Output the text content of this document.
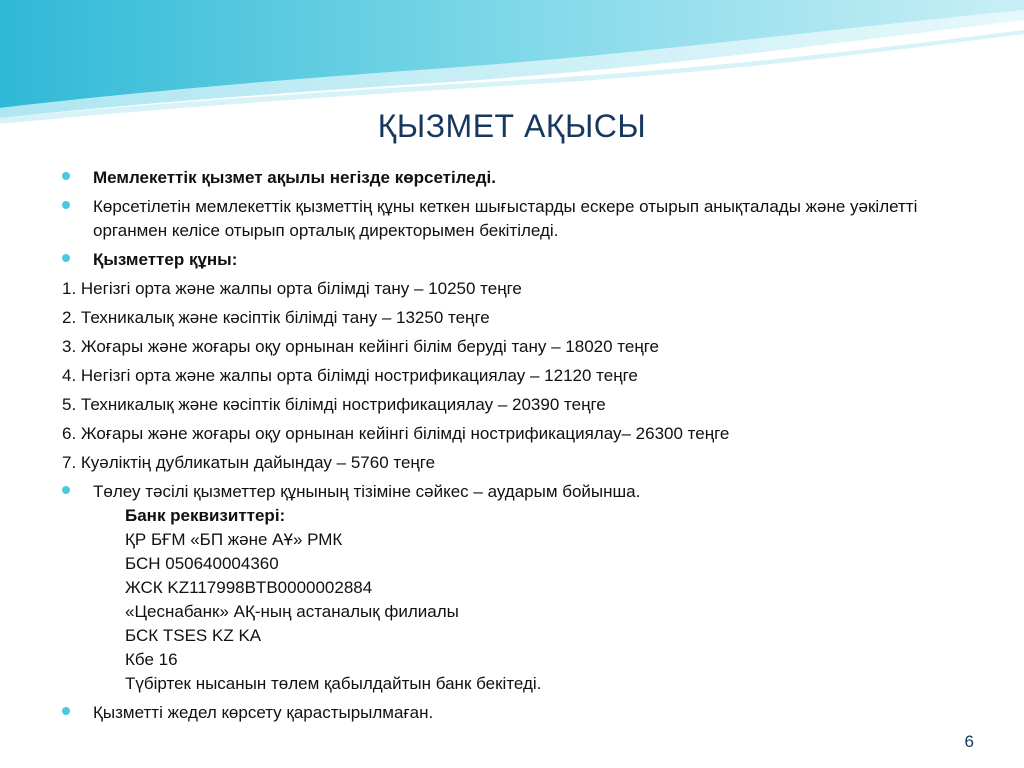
ҚЫЗМЕТ АҚЫСЫ
Мемлекеттік қызмет ақылы негізде көрсетіледі.
Көрсетілетін мемлекеттік қызметтің құны кеткен шығыстарды ескере отырып анықталады және уәкілетті органмен келісе отырып орталық директорымен бекітіледі.
Қызметтер құны:
1. Негізгі орта және жалпы орта білімді тану – 10250 теңге
2. Техникалық және кәсіптік білімді тану – 13250 теңге
3. Жоғары және жоғары оқу орнынан кейінгі білім беруді тану – 18020 теңге
4. Негізгі орта және жалпы орта білімді нострификациялау – 12120 теңге
5. Техникалық және кәсіптік білімді нострификациялау – 20390 теңге
6. Жоғары және жоғары оқу орнынан кейінгі білімді нострификациялау– 26300 теңге
7. Куәліктің дубликатын дайындау – 5760 теңге
Төлеу тәсілі қызметтер құнының тізіміне сәйкес – аударым бойынша.
Банк реквизиттері:
ҚР БҒМ «БП және АҰ» РМК
БСН 050640004360
ЖСК KZ117998BTB0000002884
«Цеснабанк» АҚ-ның астаналық филиалы
БСК TSES KZ KA
Кбе 16
Түбіртек нысанын төлем қабылдайтын банк бекітеді.
Қызметті жедел көрсету қарастырылмаған.
6
